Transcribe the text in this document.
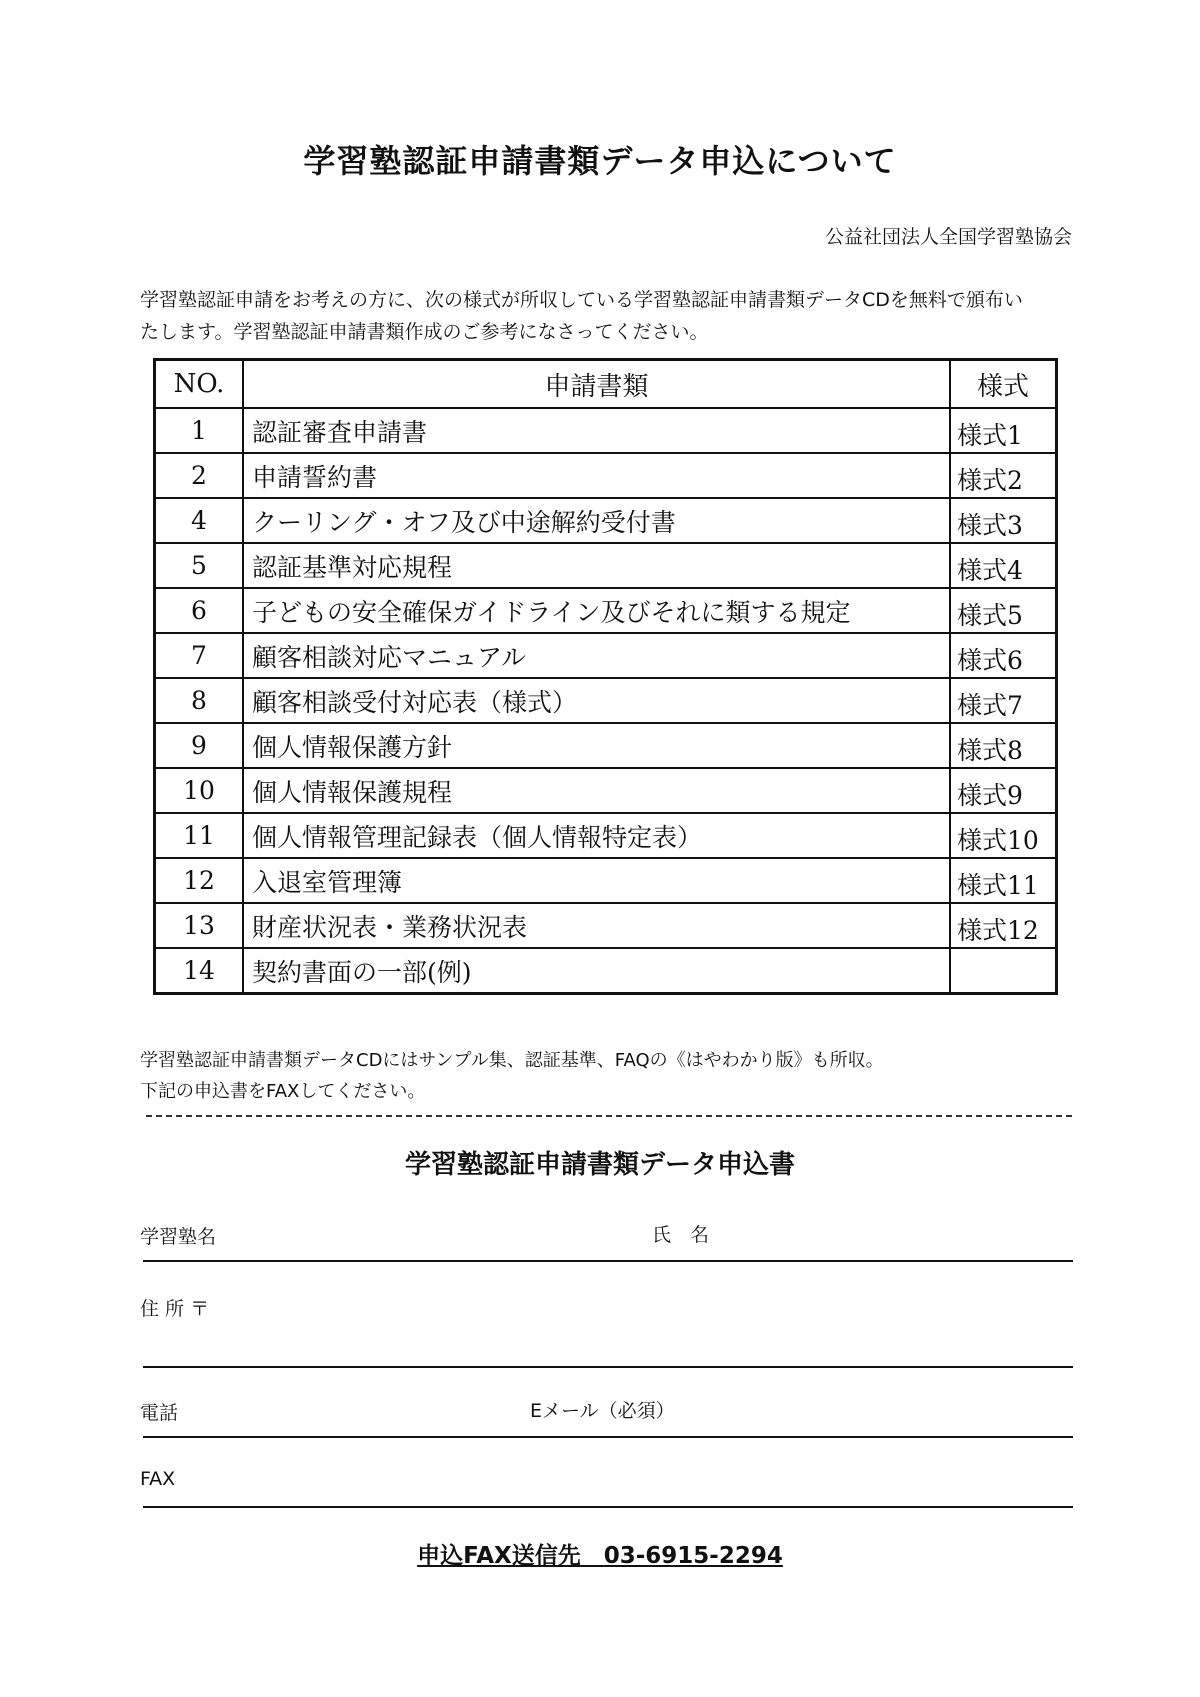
学習塾認証申請書類データ申込について
公益社団法人全国学習塾協会
学習塾認証申請をお考えの方に、次の様式が所収している学習塾認証申請書類データCDを無料で頒布い
たします。学習塾認証申請書類作成のご参考になさってください。
NO.	申請書類	様式
1	認証審査申請書	様式1
2	申請誓約書	様式2
4	クーリング・オフ及び中途解約受付書	様式3
5	認証基準対応規程	様式4
6	子どもの安全確保ガイドライン及びそれに類する規定	様式5
7	顧客相談対応マニュアル	様式6
8	顧客相談受付対応表（様式）	様式7
9	個人情報保護方針	様式8
10	個人情報保護規程	様式9
11	個人情報管理記録表（個人情報特定表）	様式10
12	入退室管理簿	様式11
13	財産状況表・業務状況表	様式12
14	契約書面の一部(例)	
学習塾認証申請書類データCDにはサンプル集、認証基準、FAQの《はやわかり版》も所収。
下記の申込書をFAXしてください。
学習塾認証申請書類データ申込書
学習塾名	氏　名
住 所 〒
電話	Eメール（必須）
FAX
申込FAX送信先　 03-6915-2294
